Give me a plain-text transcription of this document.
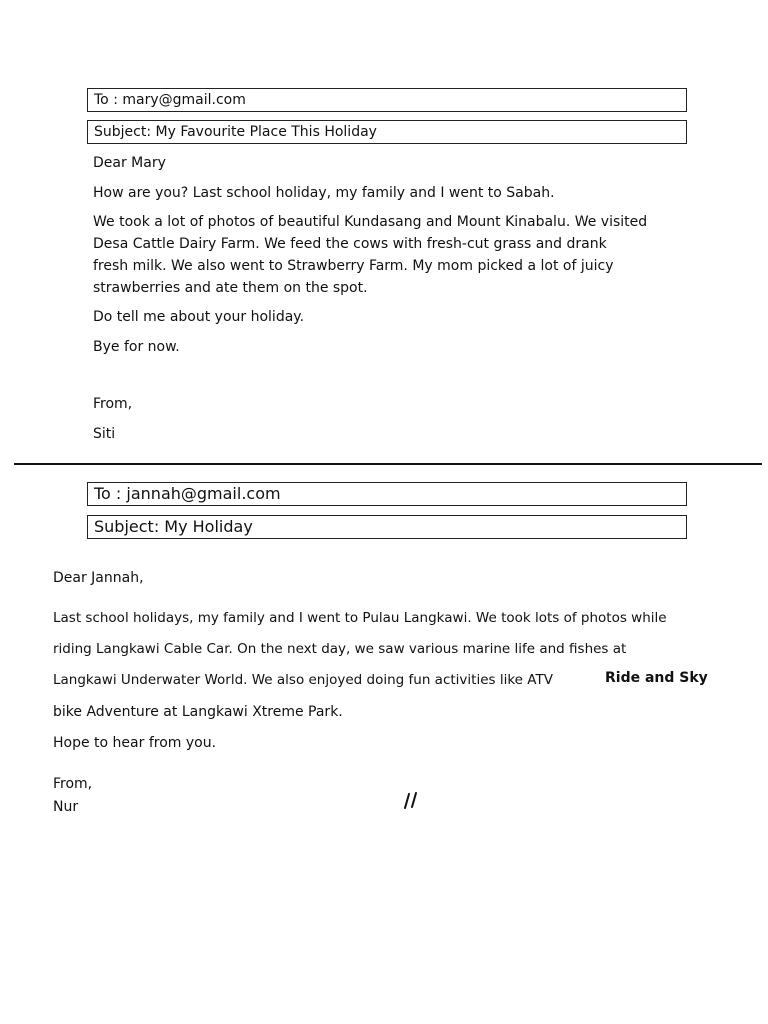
To : mary@gmail.com
Subject: My Favourite Place This Holiday
Dear Mary
How are you? Last school holiday, my family and I went to Sabah.
We took a lot of photos of beautiful Kundasang and Mount Kinabalu. We visited
Desa Cattle Dairy Farm. We feed the cows with fresh-cut grass and drank
fresh milk. We also went to Strawberry Farm. My mom picked a lot of juicy
strawberries and ate them on the spot.
Do tell me about your holiday.
Bye for now.
From,
Siti
To : jannah@gmail.com
Subject: My Holiday
Dear Jannah,
Last school holidays, my family and I went to Pulau Langkawi. We took lots of photos while
riding Langkawi Cable Car. On the next day, we saw various marine life and fishes at
Langkawi Underwater World. We also enjoyed doing fun activities like ATV	Ride and Sky
bike Adventure at Langkawi Xtreme Park.
Hope to hear from you.
From,
Nur
